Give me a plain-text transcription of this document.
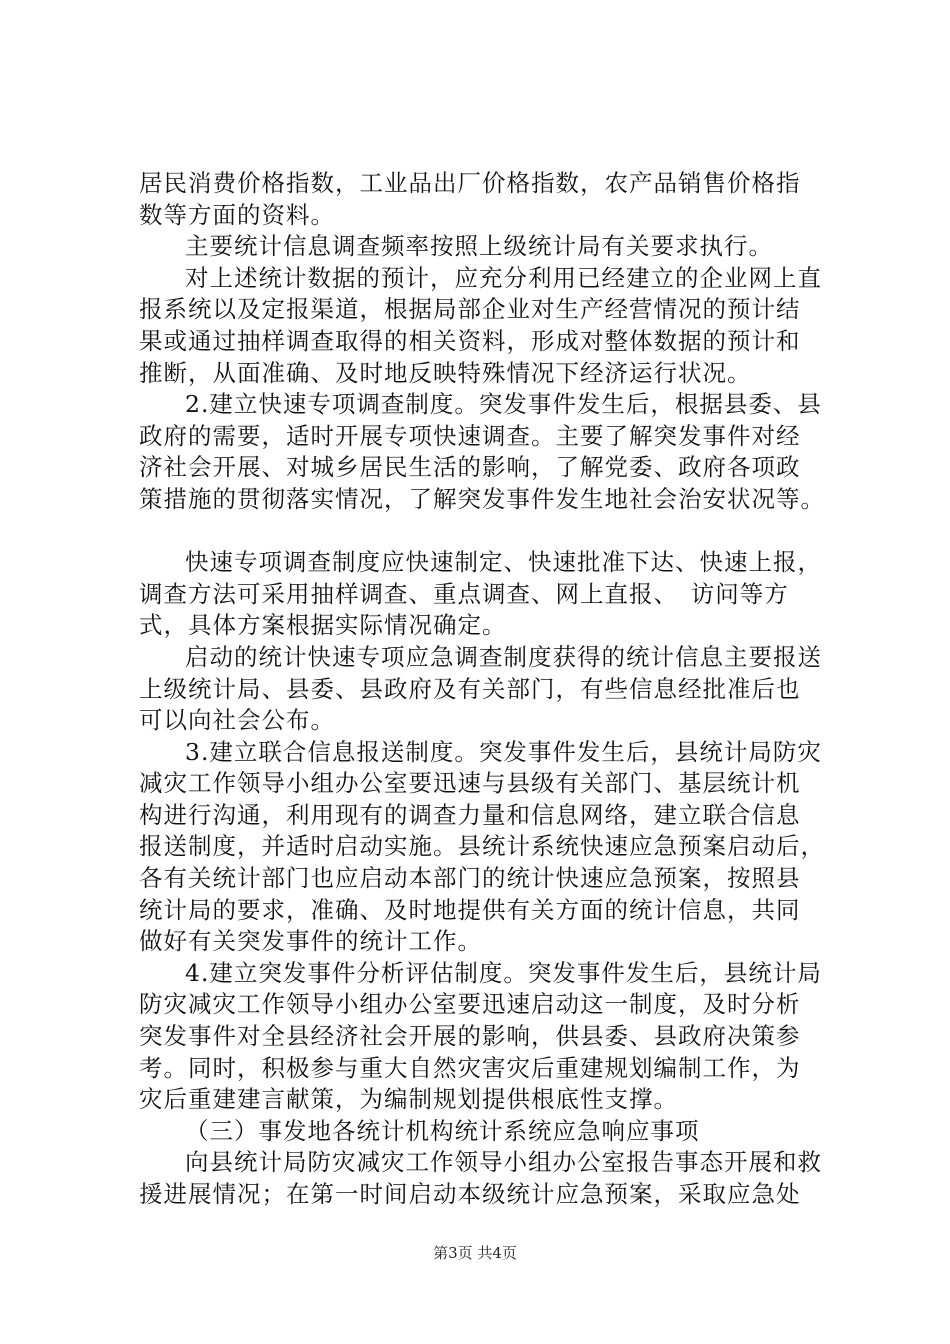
居民消费价格指数，工业品出厂价格指数，农产品销售价格指
数等方面的资料。
主要统计信息调查频率按照上级统计局有关要求执行。
对上述统计数据的预计，应充分利用已经建立的企业网上直
报系统以及定报渠道，根据局部企业对生产经营情况的预计结
果或通过抽样调查取得的相关资料，形成对整体数据的预计和
推断，从面准确、及时地反映特殊情况下经济运行状况。
2.建立快速专项调查制度。突发事件发生后，根据县委、县
政府的需要，适时开展专项快速调查。主要了解突发事件对经
济社会开展、对城乡居民生活的影响，了解党委、政府各项政
策措施的贯彻落实情况，了解突发事件发生地社会治安状况等。
快速专项调查制度应快速制定、快速批准下达、快速上报，
调查方法可采用抽样调查、重点调查、网上直报、　访问等方
式，具体方案根据实际情况确定。
启动的统计快速专项应急调查制度获得的统计信息主要报送
上级统计局、县委、县政府及有关部门，有些信息经批准后也
可以向社会公布。
3.建立联合信息报送制度。突发事件发生后，县统计局防灾
减灾工作领导小组办公室要迅速与县级有关部门、基层统计机
构进行沟通，利用现有的调查力量和信息网络，建立联合信息
报送制度，并适时启动实施。县统计系统快速应急预案启动后，
各有关统计部门也应启动本部门的统计快速应急预案，按照县
统计局的要求，准确、及时地提供有关方面的统计信息，共同
做好有关突发事件的统计工作。
4.建立突发事件分析评估制度。突发事件发生后，县统计局
防灾减灾工作领导小组办公室要迅速启动这一制度，及时分析
突发事件对全县经济社会开展的影响，供县委、县政府决策参
考。同时，积极参与重大自然灾害灾后重建规划编制工作，为
灾后重建建言献策，为编制规划提供根底性支撑。
（三）事发地各统计机构统计系统应急响应事项
向县统计局防灾减灾工作领导小组办公室报告事态开展和救
援进展情况；在第一时间启动本级统计应急预案，采取应急处
第3页 共4页
